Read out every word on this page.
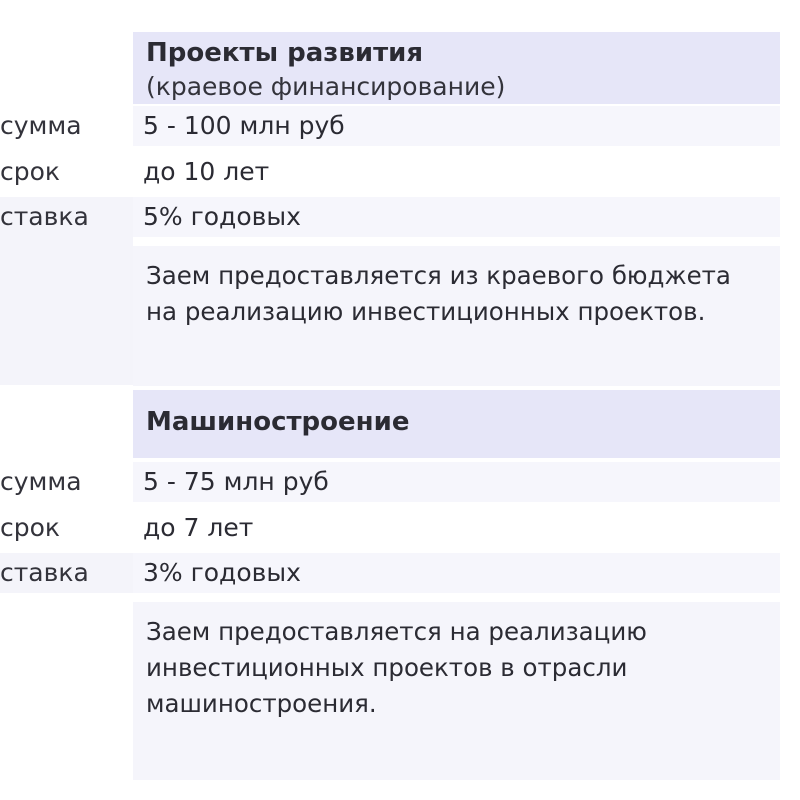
Проекты развития
(краевое финансирование)
сумма	5 - 100 млн руб
срок	до 10 лет
ставка	5% годовых
Заем предоставляется из краевого бюджета на реализацию инвестиционных проектов.
Машиностроение
сумма	5 - 75 млн руб
срок	до 7 лет
ставка	3% годовых
Заем предоставляется на реализацию инвестиционных проектов в отрасли машиностроения.
